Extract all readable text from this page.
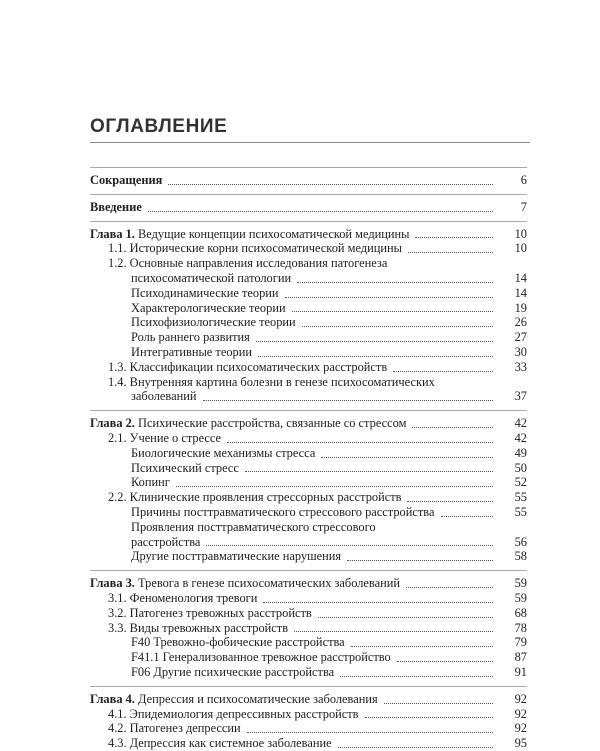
ОГЛАВЛЕНИЕ
Сокращения	6
Введение	7
Глава 1. Ведущие концепции психосоматической медицины	10
1.1. Исторические корни психосоматической медицины	10
1.2. Основные направления исследования патогенеза
психосоматической патологии	14
Психодинамические теории	14
Характерологические теории	19
Психофизиологические теории	26
Роль раннего развития	27
Интегративные теории	30
1.3. Классификации психосоматических расстройств	33
1.4. Внутренняя картина болезни в генезе психосоматических
заболеваний	37
Глава 2. Психические расстройства, связанные со стрессом	42
2.1. Учение о стрессе	42
Биологические механизмы стресса	49
Психический стресс	50
Копинг	52
2.2. Клинические проявления стрессорных расстройств	55
Причины посттравматического стрессового расстройства	55
Проявления посттравматического стрессового
расстройства	56
Другие посттравматические нарушения	58
Глава 3. Тревога в генезе психосоматических заболеваний	59
3.1. Феноменология тревоги	59
3.2. Патогенез тревожных расстройств	68
3.3. Виды тревожных расстройств	78
F40 Тревожно-фобические расстройства	79
F41.1 Генерализованное тревожное расстройство	87
F06 Другие психические расстройства	91
Глава 4. Депрессия и психосоматические заболевания	92
4.1. Эпидемиология депрессивных расстройств	92
4.2. Патогенез депрессии	92
4.3. Депрессия как системное заболевание	95
